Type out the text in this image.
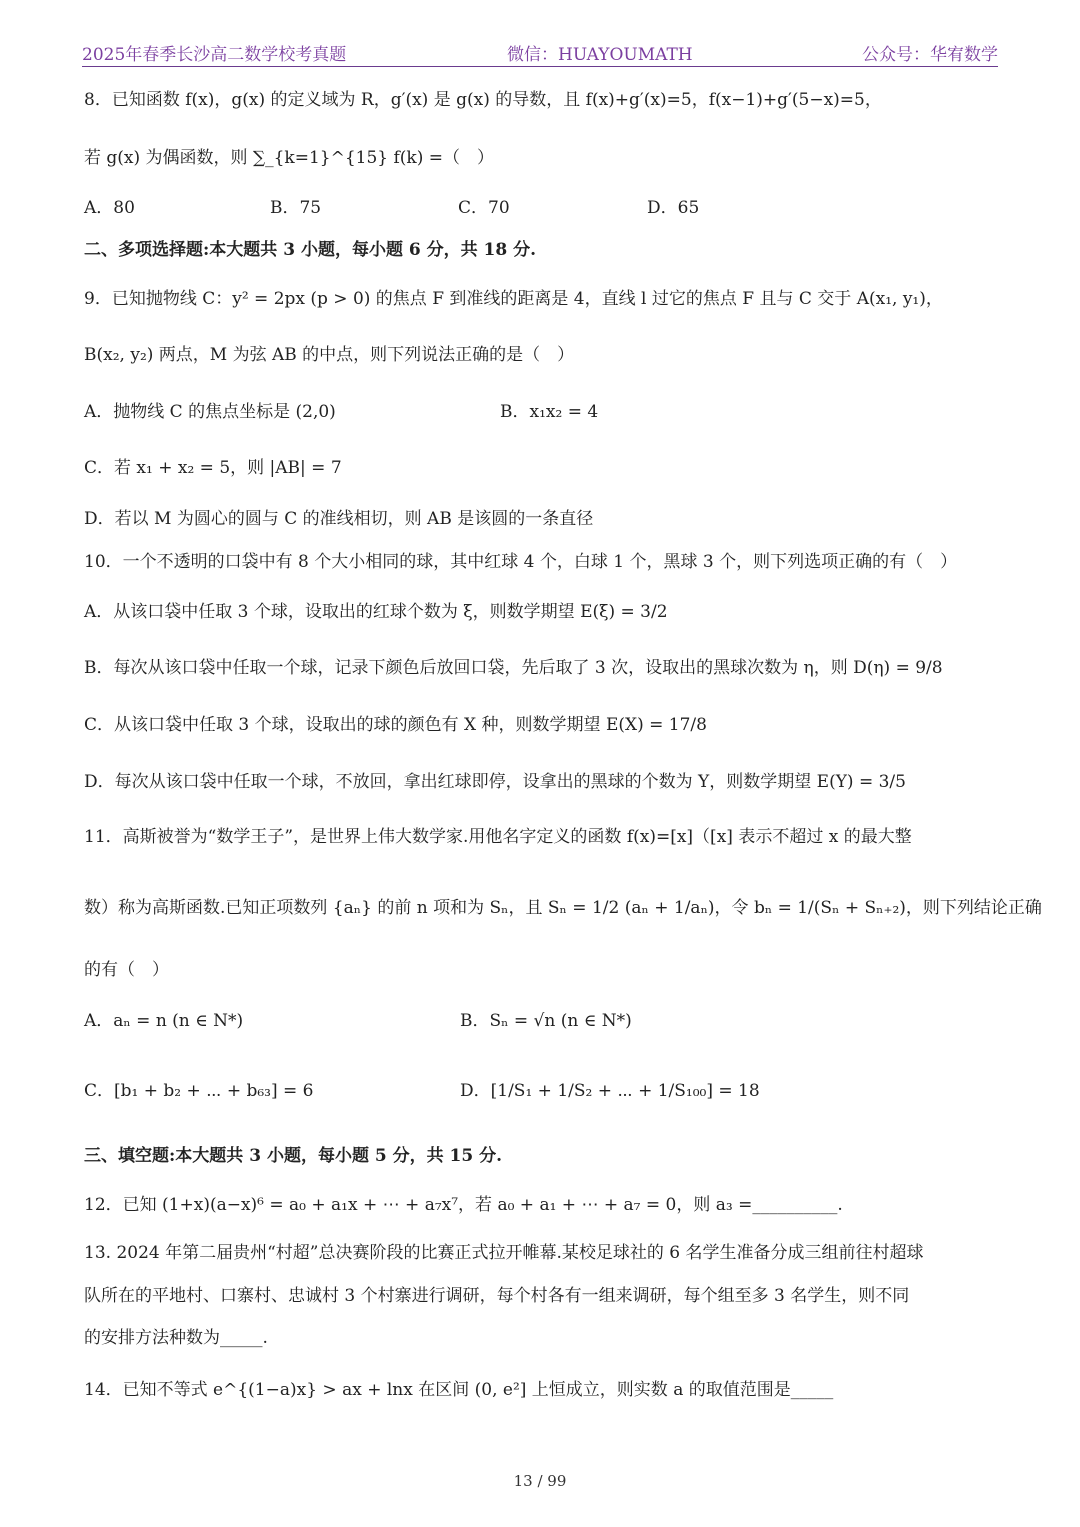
2025年春季长沙高二数学校考真题	微信：HUAYOUMATH	公众号：华宥数学
8．已知函数 f(x)，g(x) 的定义域为 R，g′(x) 是 g(x) 的导数，且 f(x)+g′(x)=5，f(x−1)+g′(5−x)=5，
若 g(x) 为偶函数，则 ∑_{k=1}^{15} f(k) =（　）
A．80	B．75	C．70	D．65
二、多项选择题:本大题共 3 小题，每小题 6 分，共 18 分.
9．已知抛物线 C：y² = 2px (p > 0) 的焦点 F 到准线的距离是 4，直线 l 过它的焦点 F 且与 C 交于 A(x₁, y₁)，
B(x₂, y₂) 两点，M 为弦 AB 的中点，则下列说法正确的是（　）
A．抛物线 C 的焦点坐标是 (2,0)	B．x₁x₂ = 4
C．若 x₁ + x₂ = 5，则 |AB| = 7
D．若以 M 为圆心的圆与 C 的准线相切，则 AB 是该圆的一条直径
10．一个不透明的口袋中有 8 个大小相同的球，其中红球 4 个，白球 1 个，黑球 3 个，则下列选项正确的有（　）
A．从该口袋中任取 3 个球，设取出的红球个数为 ξ，则数学期望 E(ξ) = 3/2
B．每次从该口袋中任取一个球，记录下颜色后放回口袋，先后取了 3 次，设取出的黑球次数为 η，则 D(η) = 9/8
C．从该口袋中任取 3 个球，设取出的球的颜色有 X 种，则数学期望 E(X) = 17/8
D．每次从该口袋中任取一个球，不放回，拿出红球即停，设拿出的黑球的个数为 Y，则数学期望 E(Y) = 3/5
11．高斯被誉为“数学王子”，是世界上伟大数学家.用他名字定义的函数 f(x)=[x]（[x] 表示不超过 x 的最大整
数）称为高斯函数.已知正项数列 {aₙ} 的前 n 项和为 Sₙ，且 Sₙ = 1/2 (aₙ + 1/aₙ)，令 bₙ = 1/(Sₙ + Sₙ₊₂)，则下列结论正确
的有（　）
A．aₙ = n (n ∈ N*)	B．Sₙ = √n (n ∈ N*)
C．[b₁ + b₂ + ⋯ + b₆₃] = 6	D．[1/S₁ + 1/S₂ + ⋯ + 1/S₁₀₀] = 18
三、填空题:本大题共 3 小题，每小题 5 分，共 15 分.
12．已知 (1+x)(a−x)⁶ = a₀ + a₁x + ⋯ + a₇x⁷，若 a₀ + a₁ + ⋯ + a₇ = 0，则 a₃ =__________.
13. 2024 年第二届贵州“村超”总决赛阶段的比赛正式拉开帷幕.某校足球社的 6 名学生准备分成三组前往村超球
队所在的平地村、口寨村、忠诚村 3 个村寨进行调研，每个村各有一组来调研，每个组至多 3 名学生，则不同
的安排方法种数为_____.
14．已知不等式 e^{(1−a)x} > ax + lnx 在区间 (0, e²] 上恒成立，则实数 a 的取值范围是_____
13 / 99
